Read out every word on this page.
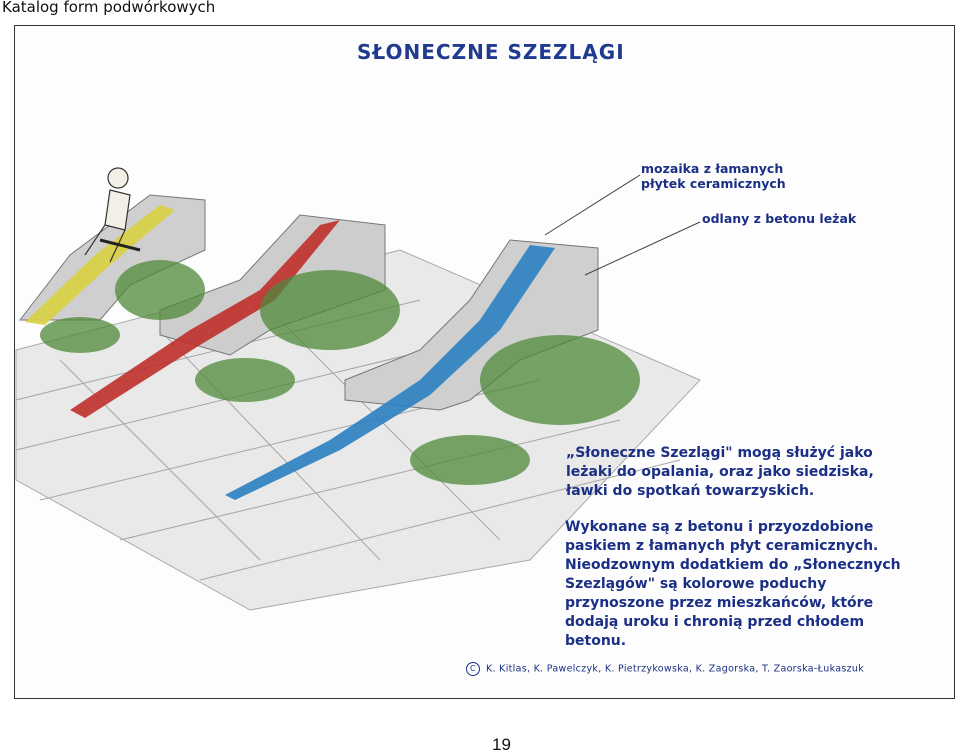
Katalog form podwórkowych
SŁONECZNE SZEZLĄGI
mozaika z łamanych płytek ceramicznych
odlany z betonu leżak
„Słoneczne Szezlągi" mogą służyć jako leżaki do opalania, oraz jako siedziska, ławki do spotkań towarzyskich.
Wykonane są z betonu i przyozdobione paskiem z łamanych płyt ceramicznych. Nieodzownym dodatkiem do „Słonecznych Szezlągów" są kolorowe poduchy przynoszone przez mieszkańców, które dodają uroku i chronią przed chłodem betonu.
C K. Kitlas, K. Pawelczyk, K. Pietrzykowska, K. Zagorska, T. Zaorska-Łukaszuk
19
